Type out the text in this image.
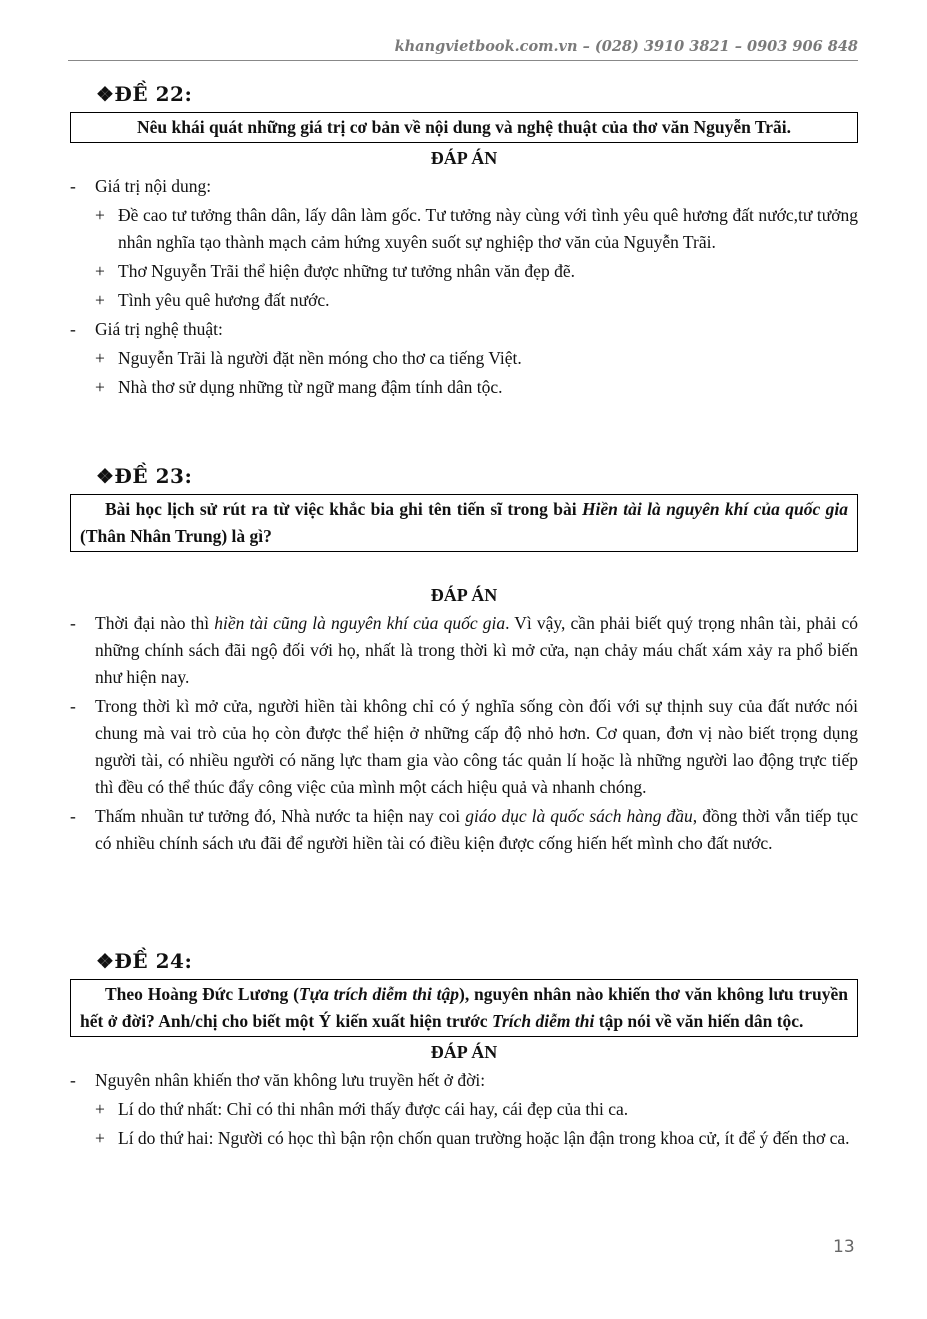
khangvietbook.com.vn – (028) 3910 3821 – 0903 906 848
❖ĐỀ 22:
Nêu khái quát những giá trị cơ bản về nội dung và nghệ thuật của thơ văn Nguyễn Trãi.
ĐÁP ÁN
- Giá trị nội dung:
+ Đề cao tư tưởng thân dân, lấy dân làm gốc. Tư tưởng này cùng với tình yêu quê hương đất nước,tư tưởng nhân nghĩa tạo thành mạch cảm hứng xuyên suốt sự nghiệp thơ văn của Nguyễn Trãi.
+ Thơ Nguyễn Trãi thể hiện được những tư tưởng nhân văn đẹp đẽ.
+ Tình yêu quê hương đất nước.
- Giá trị nghệ thuật:
+ Nguyễn Trãi là người đặt nền móng cho thơ ca tiếng Việt.
+ Nhà thơ sử dụng những từ ngữ mang đậm tính dân tộc.
❖ĐỀ 23:
Bài học lịch sử rút ra từ việc khắc bia ghi tên tiến sĩ trong bài Hiền tài là nguyên khí của quốc gia (Thân Nhân Trung) là gì?
ĐÁP ÁN
- Thời đại nào thì hiền tài cũng là nguyên khí của quốc gia. Vì vậy, cần phải biết quý trọng nhân tài, phải có những chính sách đãi ngộ đối với họ, nhất là trong thời kì mở cửa, nạn chảy máu chất xám xảy ra phổ biến như hiện nay.
- Trong thời kì mở cửa, người hiền tài không chỉ có ý nghĩa sống còn đối với sự thịnh suy của đất nước nói chung mà vai trò của họ còn được thể hiện ở những cấp độ nhỏ hơn. Cơ quan, đơn vị nào biết trọng dụng người tài, có nhiều người có năng lực tham gia vào công tác quản lí hoặc là những người lao động trực tiếp thì đều có thể thúc đẩy công việc của mình một cách hiệu quả và nhanh chóng.
- Thấm nhuần tư tưởng đó, Nhà nước ta hiện nay coi giáo dục là quốc sách hàng đầu, đồng thời vẫn tiếp tục có nhiều chính sách ưu đãi để người hiền tài có điều kiện được cống hiến hết mình cho đất nước.
❖ĐỀ 24:
Theo Hoàng Đức Lương (Tựa trích diễm thi tập), nguyên nhân nào khiến thơ văn không lưu truyền hết ở đời? Anh/chị cho biết một Ý kiến xuất hiện trước Trích diễm thi tập nói về văn hiến dân tộc.
ĐÁP ÁN
- Nguyên nhân khiến thơ văn không lưu truyền hết ở đời:
+ Lí do thứ nhất: Chỉ có thi nhân mới thấy được cái hay, cái đẹp của thi ca.
+ Lí do thứ hai: Người có học thì bận rộn chốn quan trường hoặc lận đận trong khoa cử, ít để ý đến thơ ca.
13
